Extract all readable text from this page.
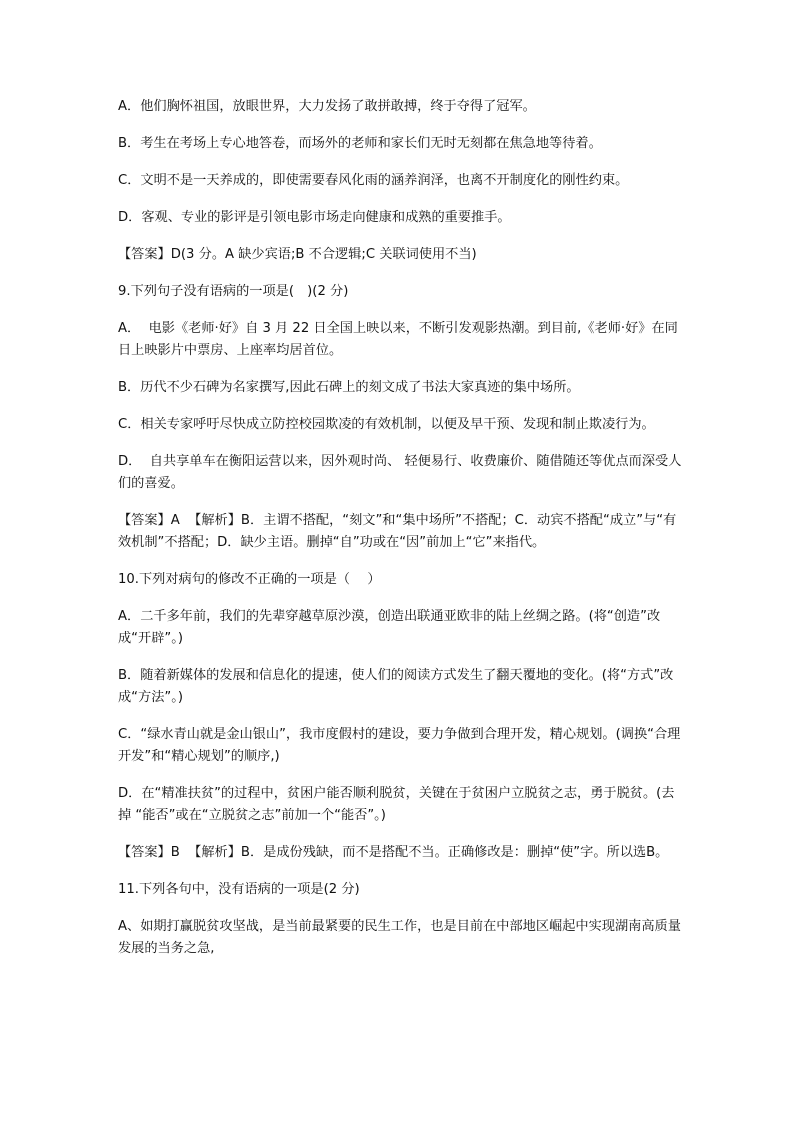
A．他们胸怀祖国，放眼世界，大力发扬了敢拼敢搏，终于夺得了冠军。

B．考生在考场上专心地答卷，而场外的老师和家长们无时无刻都在焦急地等待着。

C．文明不是一天养成的，即使需要春风化雨的涵养润泽，也离不开制度化的刚性约束。

D．客观、专业的影评是引领电影市场走向健康和成熟的重要推手。

【答案】D(3 分。A 缺少宾语;B 不合逻辑;C 关联词使用不当)

9.下列句子没有语病的一项是(　)(2 分)

A．  电影《老师·好》自 3 月 22 日全国上映以来，不断引发观影热潮。到目前,《老师·好》在同日上映影片中票房、上座率均居首位。

B．历代不少石碑为名家撰写,因此石碑上的刻文成了书法大家真迹的集中场所。

C．相关专家呼吁尽快成立防控校园欺凌的有效机制，以便及早干预、发现和制止欺凌行为。

D．  自共享单车在衡阳运营以来，因外观时尚、 轻便易行、收费廉价、随借随还等优点而深受人们的喜爱。

【答案】A  【解析】B．主谓不搭配，“刻文”和“集中场所”不搭配；C．动宾不搭配“成立”与“有效机制”不搭配；D．缺少主语。删掉“自”功或在“因”前加上“它”来指代。

10.下列对病句的修改不正确的一项是（　 ）

A．二千多年前，我们的先辈穿越草原沙漠，创造出联通亚欧非的陆上丝绸之路。(将“创造”改成“开辟”。)

B．随着新媒体的发展和信息化的提速，使人们的阅读方式发生了翻天覆地的变化。(将“方式”改成“方法”。)

C．“绿水青山就是金山银山”，我市度假村的建设，要力争做到合理开发，精心规划。(调换“合理开发”和“精心规划”的顺序,)

D．在“精准扶贫”的过程中，贫困户能否顺利脱贫，关键在于贫困户立脱贫之志，勇于脱贫。(去掉 “能否”或在“立脱贫之志”前加一个“能否”。)

【答案】B  【解析】B．是成份残缺，而不是搭配不当。正确修改是：删掉“使”字。所以选B。

11.下列各句中，没有语病的一项是(2 分)

A、如期打赢脱贫攻坚战，是当前最紧要的民生工作，也是目前在中部地区崛起中实现湖南高质量发展的当务之急,
